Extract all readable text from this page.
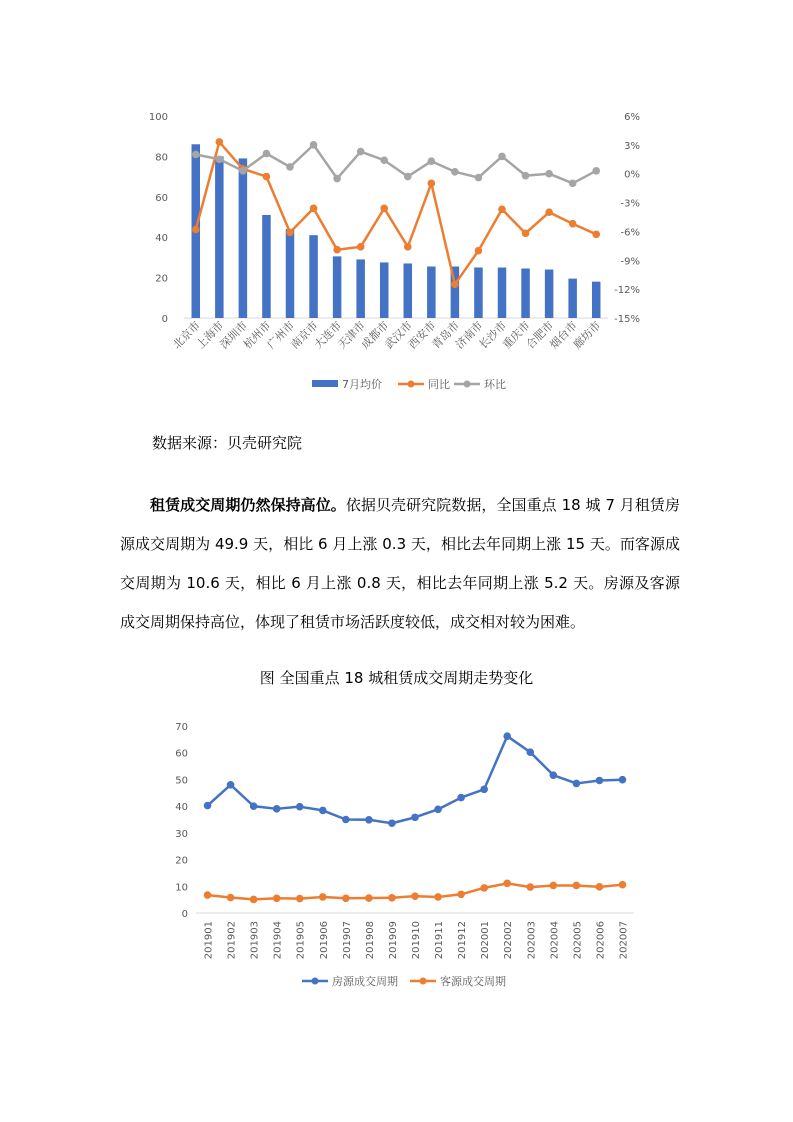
0
20
40
60
80
100	6%
3%
0%
-3%
-6%
-9%
-12%
-15%
北京市
上海市
深圳市
杭州市
广州市
南京市
大连市
天津市
成都市
武汉市
西安市
青岛市
济南市
长沙市
重庆市
合肥市
烟台市
廊坊市
7月均价	同比	环比
数据来源：贝壳研究院
租赁成交周期仍然保持高位。依据贝壳研究院数据，全国重点 18 城 7 月租赁房源成交周期为 49.9 天，相比 6 月上涨 0.3 天，相比去年同期上涨 15 天。而客源成交周期为 10.6 天，相比 6 月上涨 0.8 天，相比去年同期上涨 5.2 天。房源及客源成交周期保持高位，体现了租赁市场活跃度较低，成交相对较为困难。
图 全国重点 18 城租赁成交周期走势变化
0
10
20
30
40
50
60
70
201901 201902 201903 201904 201905 201906 201907 201908 201909 201910 201911 201912 202001 202002 202003 202004 202005 202006 202007
房源成交周期	客源成交周期
